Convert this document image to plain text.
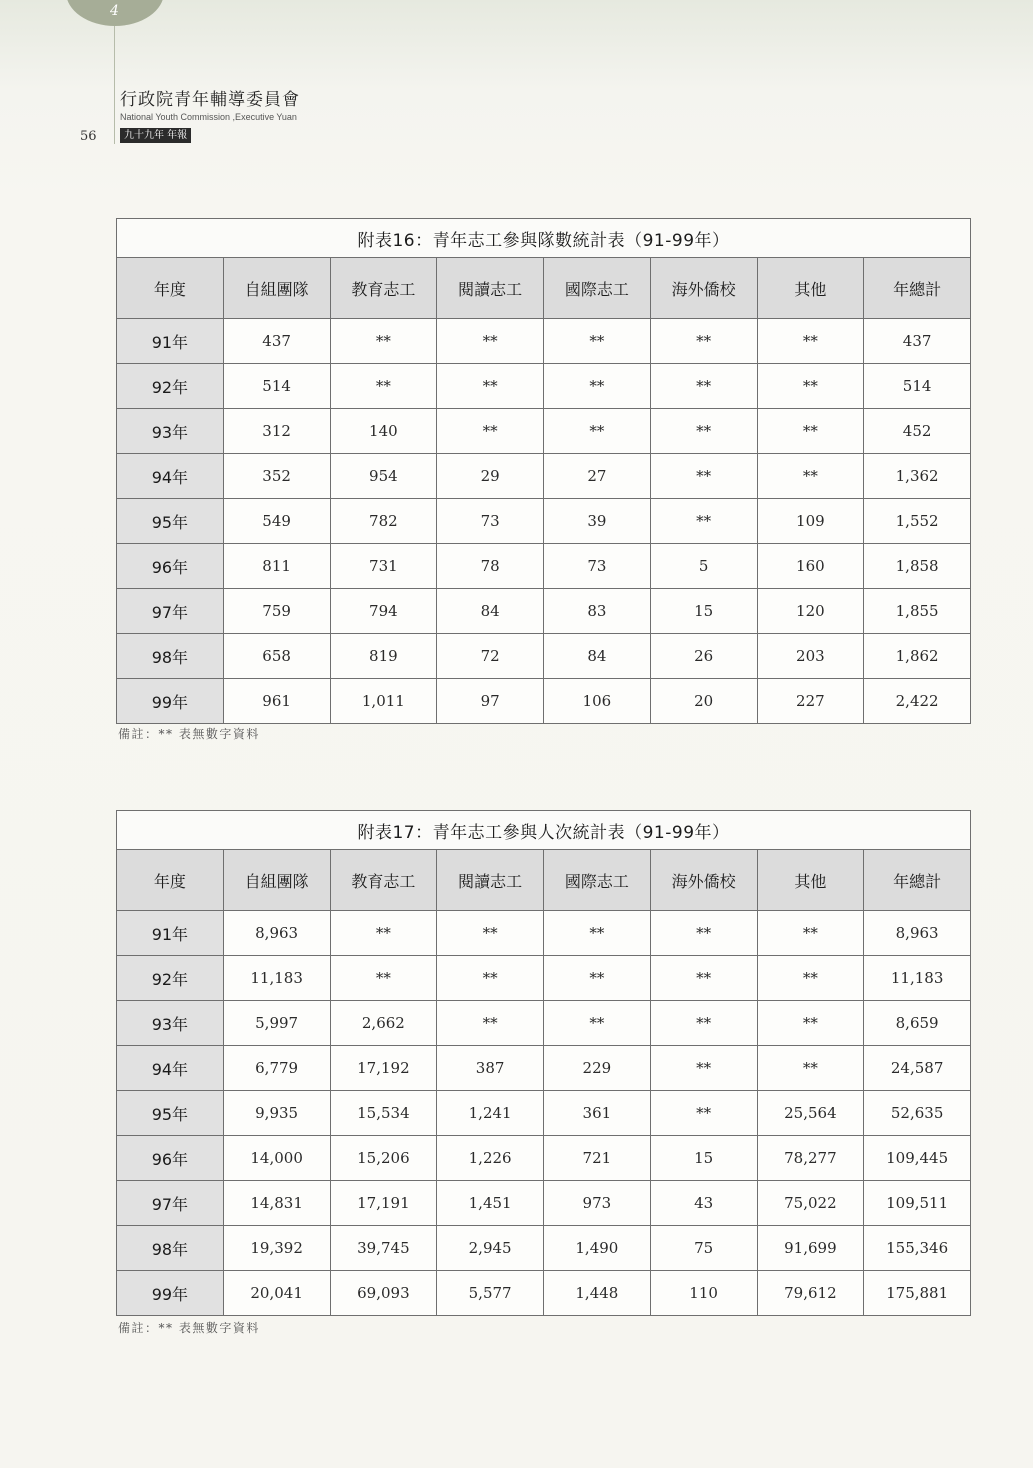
4
行政院青年輔導委員會
National Youth Commission ,Executive Yuan
九十九年 年報
56
附表16：青年志工參與隊數統計表（91-99年）							
年度	自組團隊	教育志工	閱讀志工	國際志工	海外僑校	其他	年總計
91年	437	**	**	**	**	**	437
92年	514	**	**	**	**	**	514
93年	312	140	**	**	**	**	452
94年	352	954	29	27	**	**	1,362
95年	549	782	73	39	**	109	1,552
96年	811	731	78	73	5	160	1,858
97年	759	794	84	83	15	120	1,855
98年	658	819	72	84	26	203	1,862
99年	961	1,011	97	106	20	227	2,422
備註：** 表無數字資料
附表17：青年志工參與人次統計表（91-99年）							
年度	自組團隊	教育志工	閱讀志工	國際志工	海外僑校	其他	年總計
91年	8,963	**	**	**	**	**	8,963
92年	11,183	**	**	**	**	**	11,183
93年	5,997	2,662	**	**	**	**	8,659
94年	6,779	17,192	387	229	**	**	24,587
95年	9,935	15,534	1,241	361	**	25,564	52,635
96年	14,000	15,206	1,226	721	15	78,277	109,445
97年	14,831	17,191	1,451	973	43	75,022	109,511
98年	19,392	39,745	2,945	1,490	75	91,699	155,346
99年	20,041	69,093	5,577	1,448	110	79,612	175,881
備註：** 表無數字資料
